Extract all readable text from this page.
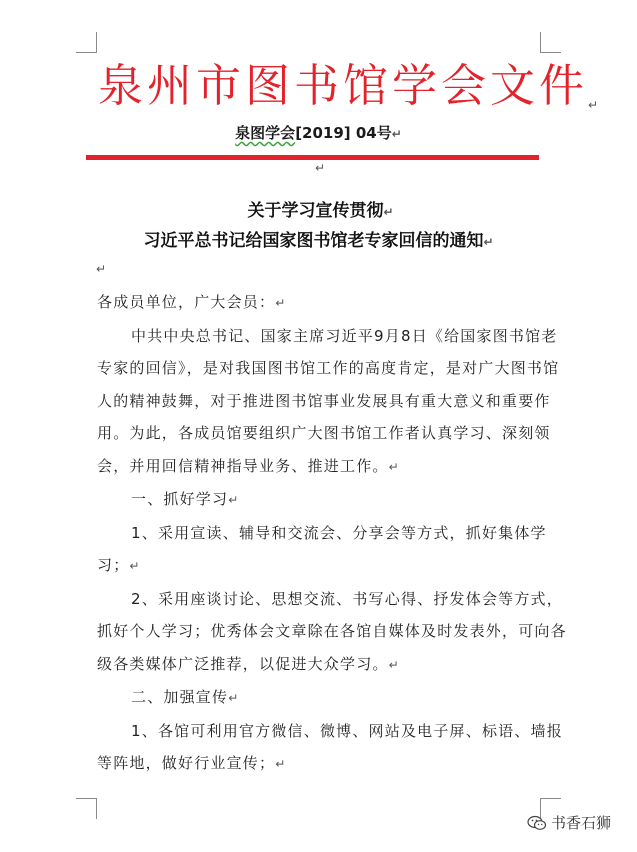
泉州市图书馆学会文件↵
泉图学会[2019] 04号↵
↵
关于学习宣传贯彻↵
习近平总书记给国家图书馆老专家回信的通知↵
↵

各成员单位，广大会员：↵

中共中央总书记、国家主席习近平9月8日《给国家图书馆老专家的回信》，是对我国图书馆工作的高度肯定，是对广大图书馆人的精神鼓舞，对于推进图书馆事业发展具有重大意义和重要作用。为此，各成员馆要组织广大图书馆工作者认真学习、深刻领会，并用回信精神指导业务、推进工作。↵

一、抓好学习↵

1、采用宣读、辅导和交流会、分享会等方式，抓好集体学习；↵

2、采用座谈讨论、思想交流、书写心得、抒发体会等方式，抓好个人学习；优秀体会文章除在各馆自媒体及时发表外，可向各级各类媒体广泛推荐，以促进大众学习。↵

二、加强宣传↵

1、各馆可利用官方微信、微博、网站及电子屏、标语、墙报等阵地，做好行业宣传；↵

书香石狮
